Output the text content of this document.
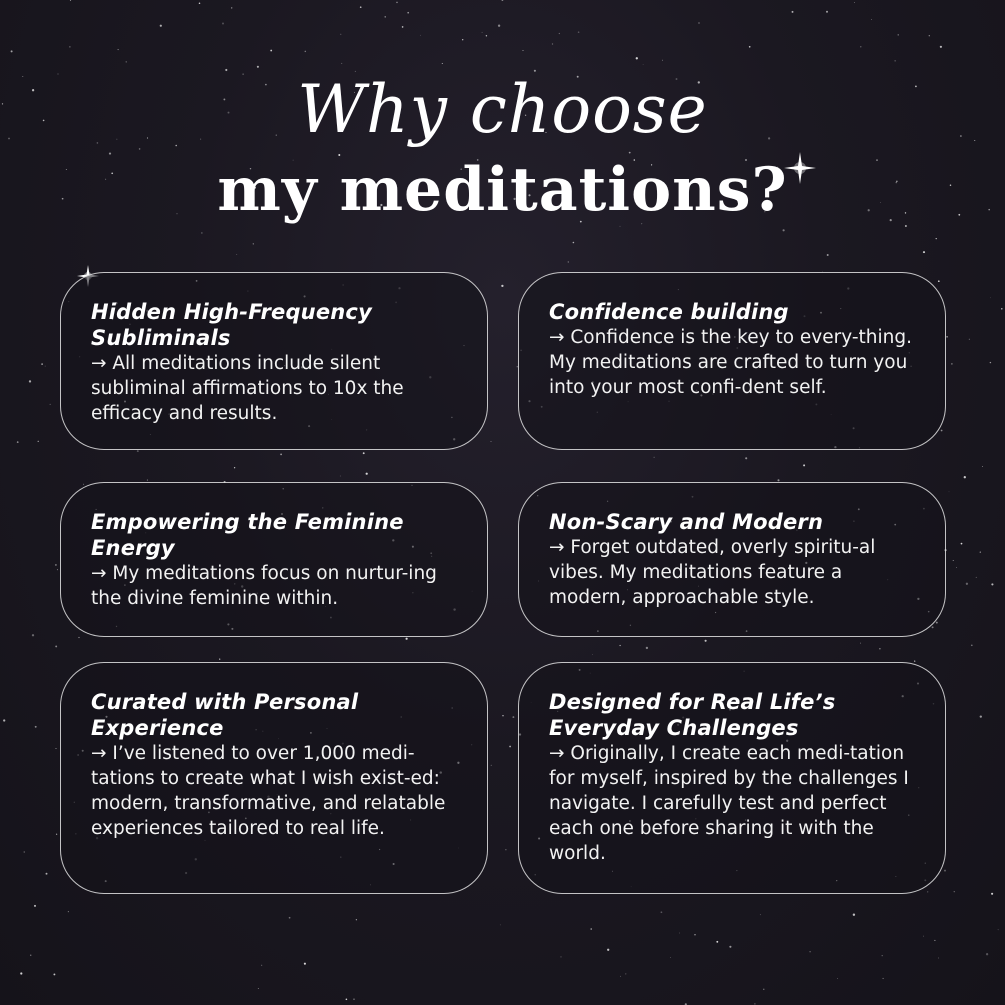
Why choose
my meditations?
Hidden High-Frequency Subliminals
→ All meditations include silent subliminal affirmations to 10x the efficacy and results.
Confidence building
→ Confidence is the key to every-thing. My meditations are crafted to turn you into your most confi-dent self.
Empowering the Feminine Energy
→ My meditations focus on nurtur-ing the divine feminine within.
Non-Scary and Modern
→ Forget outdated, overly spiritu-al vibes. My meditations feature a modern, approachable style.
Curated with Personal Experience
→ I’ve listened to over 1,000 medi-tations to create what I wish exist-ed: modern, transformative, and relatable experiences tailored to real life.
Designed for Real Life’s Everyday Challenges
→ Originally, I create each medi-tation for myself, inspired by the challenges I navigate. I carefully test and perfect each one before sharing it with the world.
